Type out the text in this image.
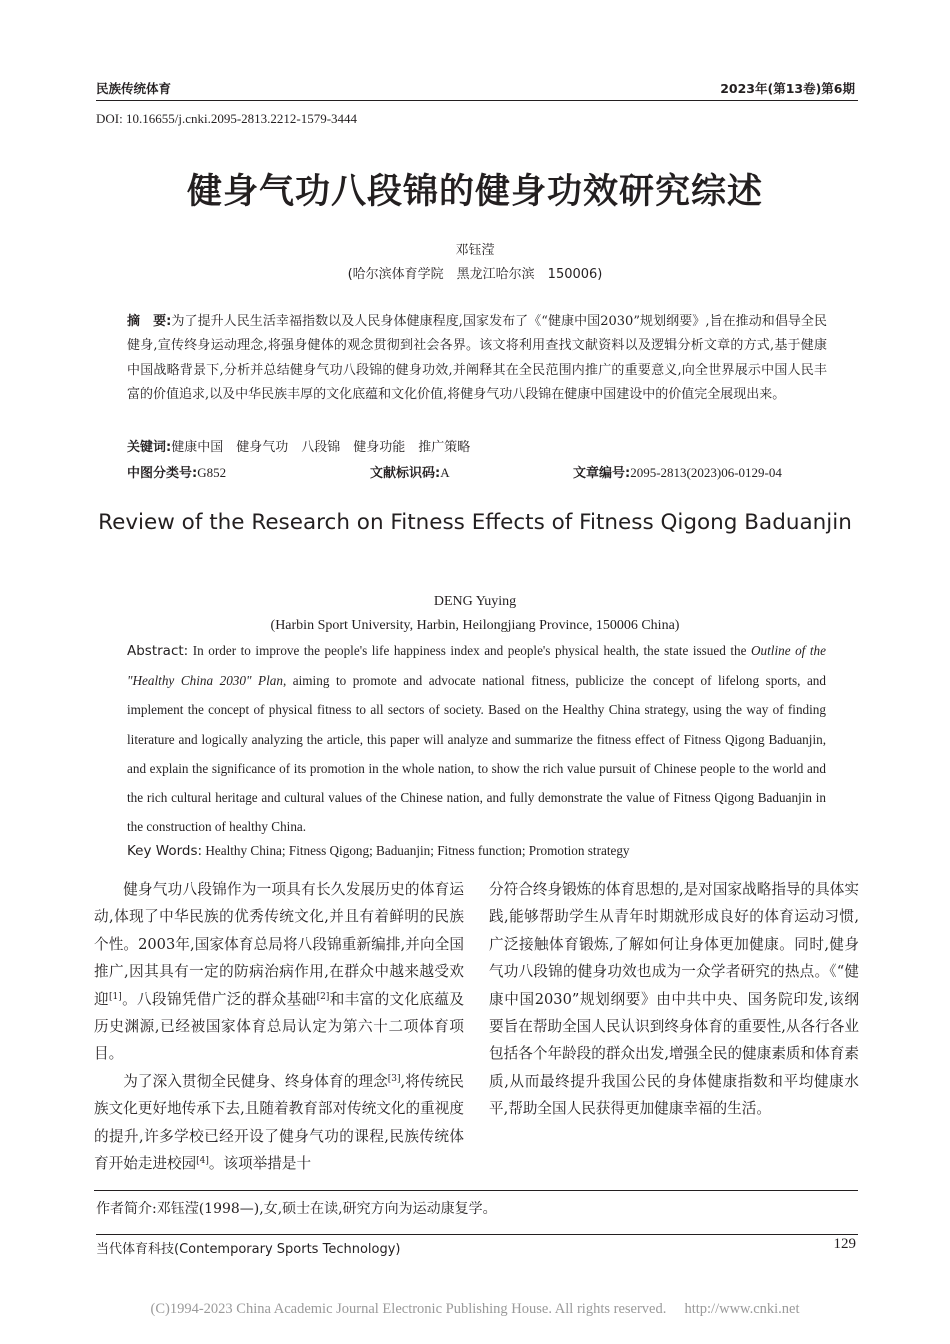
民族传统体育	2023年(第13卷)第6期
DOI: 10.16655/j.cnki.2095-2813.2212-1579-3444
健身气功八段锦的健身功效研究综述
邓钰滢
(哈尔滨体育学院　黑龙江哈尔滨　150006)
摘　要:为了提升人民生活幸福指数以及人民身体健康程度,国家发布了《“健康中国2030”规划纲要》,旨在推动和倡导全民健身,宣传终身运动理念,将强身健体的观念贯彻到社会各界。该文将利用查找文献资料以及逻辑分析文章的方式,基于健康中国战略背景下,分析并总结健身气功八段锦的健身功效,并阐释其在全民范围内推广的重要意义,向全世界展示中国人民丰富的价值追求,以及中华民族丰厚的文化底蕴和文化价值,将健身气功八段锦在健康中国建设中的价值完全展现出来。
关键词:健康中国　健身气功　八段锦　健身功能　推广策略
中图分类号:G852	文献标识码:A	文章编号:2095-2813(2023)06-0129-04
Review of the Research on Fitness Effects of Fitness Qigong Baduanjin
DENG Yuying
(Harbin Sport University, Harbin, Heilongjiang Province, 150006 China)
Abstract: In order to improve the people's life happiness index and people's physical health, the state issued the Outline of the "Healthy China 2030" Plan, aiming to promote and advocate national fitness, publicize the concept of lifelong sports, and implement the concept of physical fitness to all sectors of society. Based on the Healthy China strategy, using the way of finding literature and logically analyzing the article, this paper will analyze and summarize the fitness effect of Fitness Qigong Baduanjin, and explain the significance of its promotion in the whole nation, to show the rich value pursuit of Chinese people to the world and the rich cultural heritage and cultural values of the Chinese nation, and fully demonstrate the value of Fitness Qigong Baduanjin in the construction of healthy China.
Key Words: Healthy China; Fitness Qigong; Baduanjin; Fitness function; Promotion strategy

健身气功八段锦作为一项具有长久发展历史的体育运动,体现了中华民族的优秀传统文化,并且有着鲜明的民族个性。2003年,国家体育总局将八段锦重新编排,并向全国推广,因其具有一定的防病治病作用,在群众中越来越受欢迎[1]。八段锦凭借广泛的群众基础[2]和丰富的文化底蕴及历史渊源,已经被国家体育总局认定为第六十二项体育项目。

为了深入贯彻全民健身、终身体育的理念[3],将传统民族文化更好地传承下去,且随着教育部对传统文化的重视度的提升,许多学校已经开设了健身气功的课程,民族传统体育开始走进校园[4]。该项举措是十

分符合终身锻炼的体育思想的,是对国家战略指导的具体实践,能够帮助学生从青年时期就形成良好的体育运动习惯,广泛接触体育锻炼,了解如何让身体更加健康。同时,健身气功八段锦的健身功效也成为一众学者研究的热点。《“健康中国2030”规划纲要》由中共中央、国务院印发,该纲要旨在帮助全国人民认识到终身体育的重要性,从各行各业包括各个年龄段的群众出发,增强全民的健康素质和体育素质,从而最终提升我国公民的身体健康指数和平均健康水平,帮助全国人民获得更加健康幸福的生活。

作者简介:邓钰滢(1998—),女,硕士在读,研究方向为运动康复学。
当代体育科技(Contemporary Sports Technology)	129
(C)1994-2023 China Academic Journal Electronic Publishing House. All rights reserved.　 http://www.cnki.net
